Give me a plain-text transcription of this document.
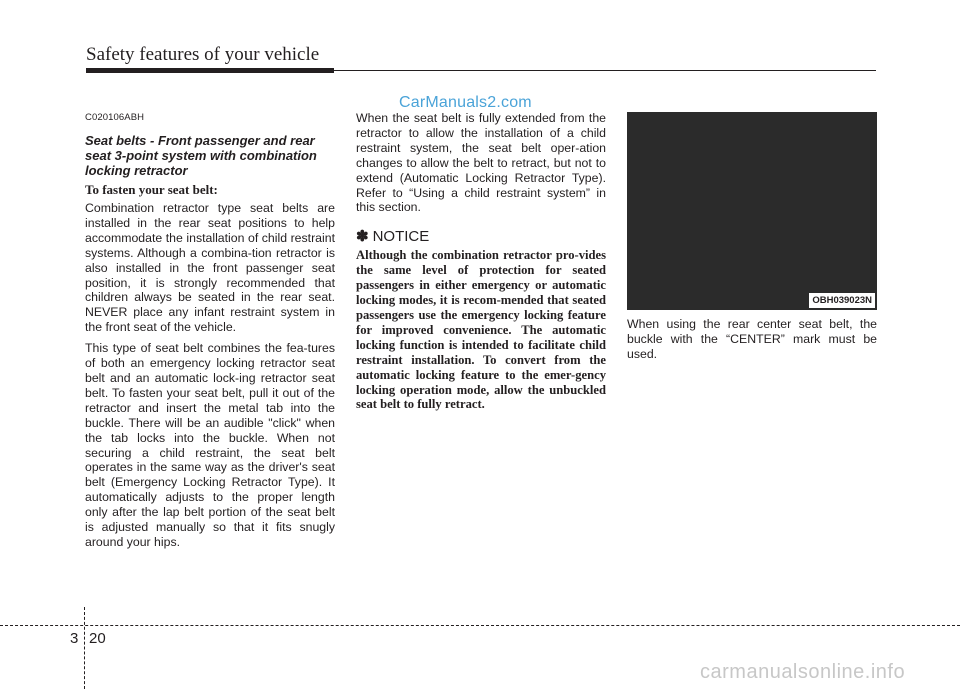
Safety features of your vehicle
CarManuals2.com
C020106ABH
Seat belts - Front passenger and rear seat 3-point system with combination locking retractor
To fasten your seat belt:

Combination retractor type seat belts are installed in the rear seat positions to help accommodate the installation of child restraint systems. Although a combina-tion retractor is also installed in the front passenger seat position, it is strongly recommended that children always be seated in the rear seat. NEVER place any infant restraint system in the front seat of the vehicle.

This type of seat belt combines the fea-tures of both an emergency locking retractor seat belt and an automatic lock-ing retractor seat belt. To fasten your seat belt, pull it out of the retractor and insert the metal tab into the buckle. There will be an audible "click" when the tab locks into the buckle. When not securing a child restraint, the seat belt operates in the same way as the driver's seat belt (Emergency Locking Retractor Type). It automatically adjusts to the proper length only after the lap belt portion of the seat belt is adjusted manually so that it fits snugly around your hips.

When the seat belt is fully extended from the retractor to allow the installation of a child restraint system, the seat belt oper-ation changes to allow the belt to retract, but not to extend (Automatic Locking Retractor Type). Refer to “Using a child restraint system” in this section.

✽ NOTICE

Although the combination retractor pro-vides the same level of protection for seated passengers in either emergency or automatic locking modes, it is recom-mended that seated passengers use the emergency locking feature for improved convenience. The automatic locking function is intended to facilitate child restraint installation. To convert from the automatic locking feature to the emer-gency locking operation mode, allow the unbuckled seat belt to fully retract.

OBH039023N

When using the rear center seat belt, the buckle with the “CENTER” mark must be used.

3 20
carmanualsonline.info
